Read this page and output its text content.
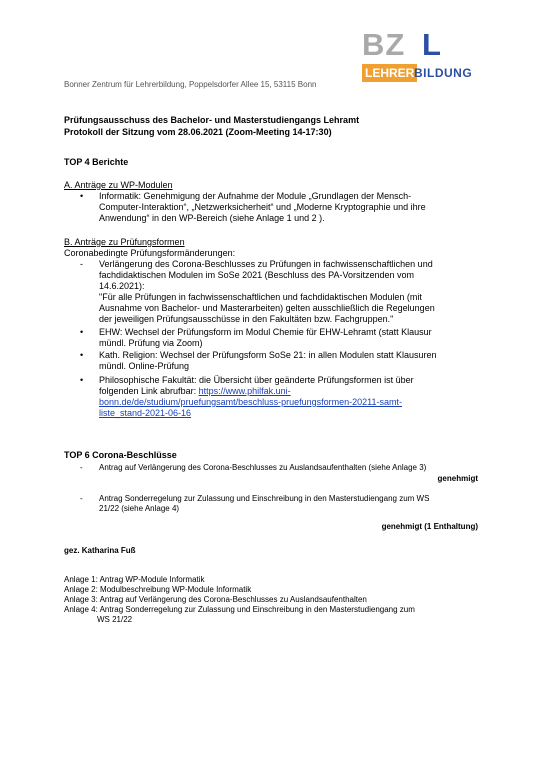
BZ L
LEHRER BILDUNG
Bonner Zentrum für Lehrerbildung, Poppelsdorfer Allee 15, 53115 Bonn
Prüfungsausschuss des Bachelor- und Masterstudiengangs Lehramt
Protokoll der Sitzung vom 28.06.2021 (Zoom-Meeting 14-17:30)
TOP 4 Berichte
A. Anträge zu WP-Modulen
• Informatik: Genehmigung der Aufnahme der Module „Grundlagen der Mensch-
Computer-Interaktion“, „Netzwerksicherheit“ und „Moderne Kryptographie und ihre
Anwendung“ in den WP-Bereich (siehe Anlage 1 und 2 ).
B. Anträge zu Prüfungsformen
Coronabedingte Prüfungsformänderungen:
- Verlängerung des Corona-Beschlusses zu Prüfungen in fachwissenschaftlichen und
fachdidaktischen Modulen im SoSe 2021 (Beschluss des PA-Vorsitzenden vom
14.6.2021):
"Für alle Prüfungen in fachwissenschaftlichen und fachdidaktischen Modulen (mit
Ausnahme von Bachelor- und Masterarbeiten) gelten ausschließlich die Regelungen
der jeweiligen Prüfungsausschüsse in den Fakultäten bzw. Fachgruppen."
• EHW: Wechsel der Prüfungsform im Modul Chemie für EHW-Lehramt (statt Klausur
mündl. Prüfung via Zoom)
• Kath. Religion: Wechsel der Prüfungsform SoSe 21: in allen Modulen statt Klausuren
mündl. Online-Prüfung
• Philosophische Fakultät: die Übersicht über geänderte Prüfungsformen ist über
folgenden Link abrufbar: https://www.philfak.uni-
bonn.de/de/studium/pruefungsamt/beschluss-pruefungsformen-20211-samt-
liste_stand-2021-06-16
TOP 6 Corona-Beschlüsse
- Antrag auf Verlängerung des Corona-Beschlusses zu Auslandsaufenthalten (siehe Anlage 3)
genehmigt
- Antrag Sonderregelung zur Zulassung und Einschreibung in den Masterstudiengang zum WS
21/22 (siehe Anlage 4)
genehmigt (1 Enthaltung)
gez. Katharina Fuß
Anlage 1: Antrag WP-Module Informatik
Anlage 2: Modulbeschreibung WP-Module Informatik
Anlage 3: Antrag auf Verlängerung des Corona-Beschlusses zu Auslandsaufenthalten
Anlage 4: Antrag Sonderregelung zur Zulassung und Einschreibung in den Masterstudiengang zum
WS 21/22
